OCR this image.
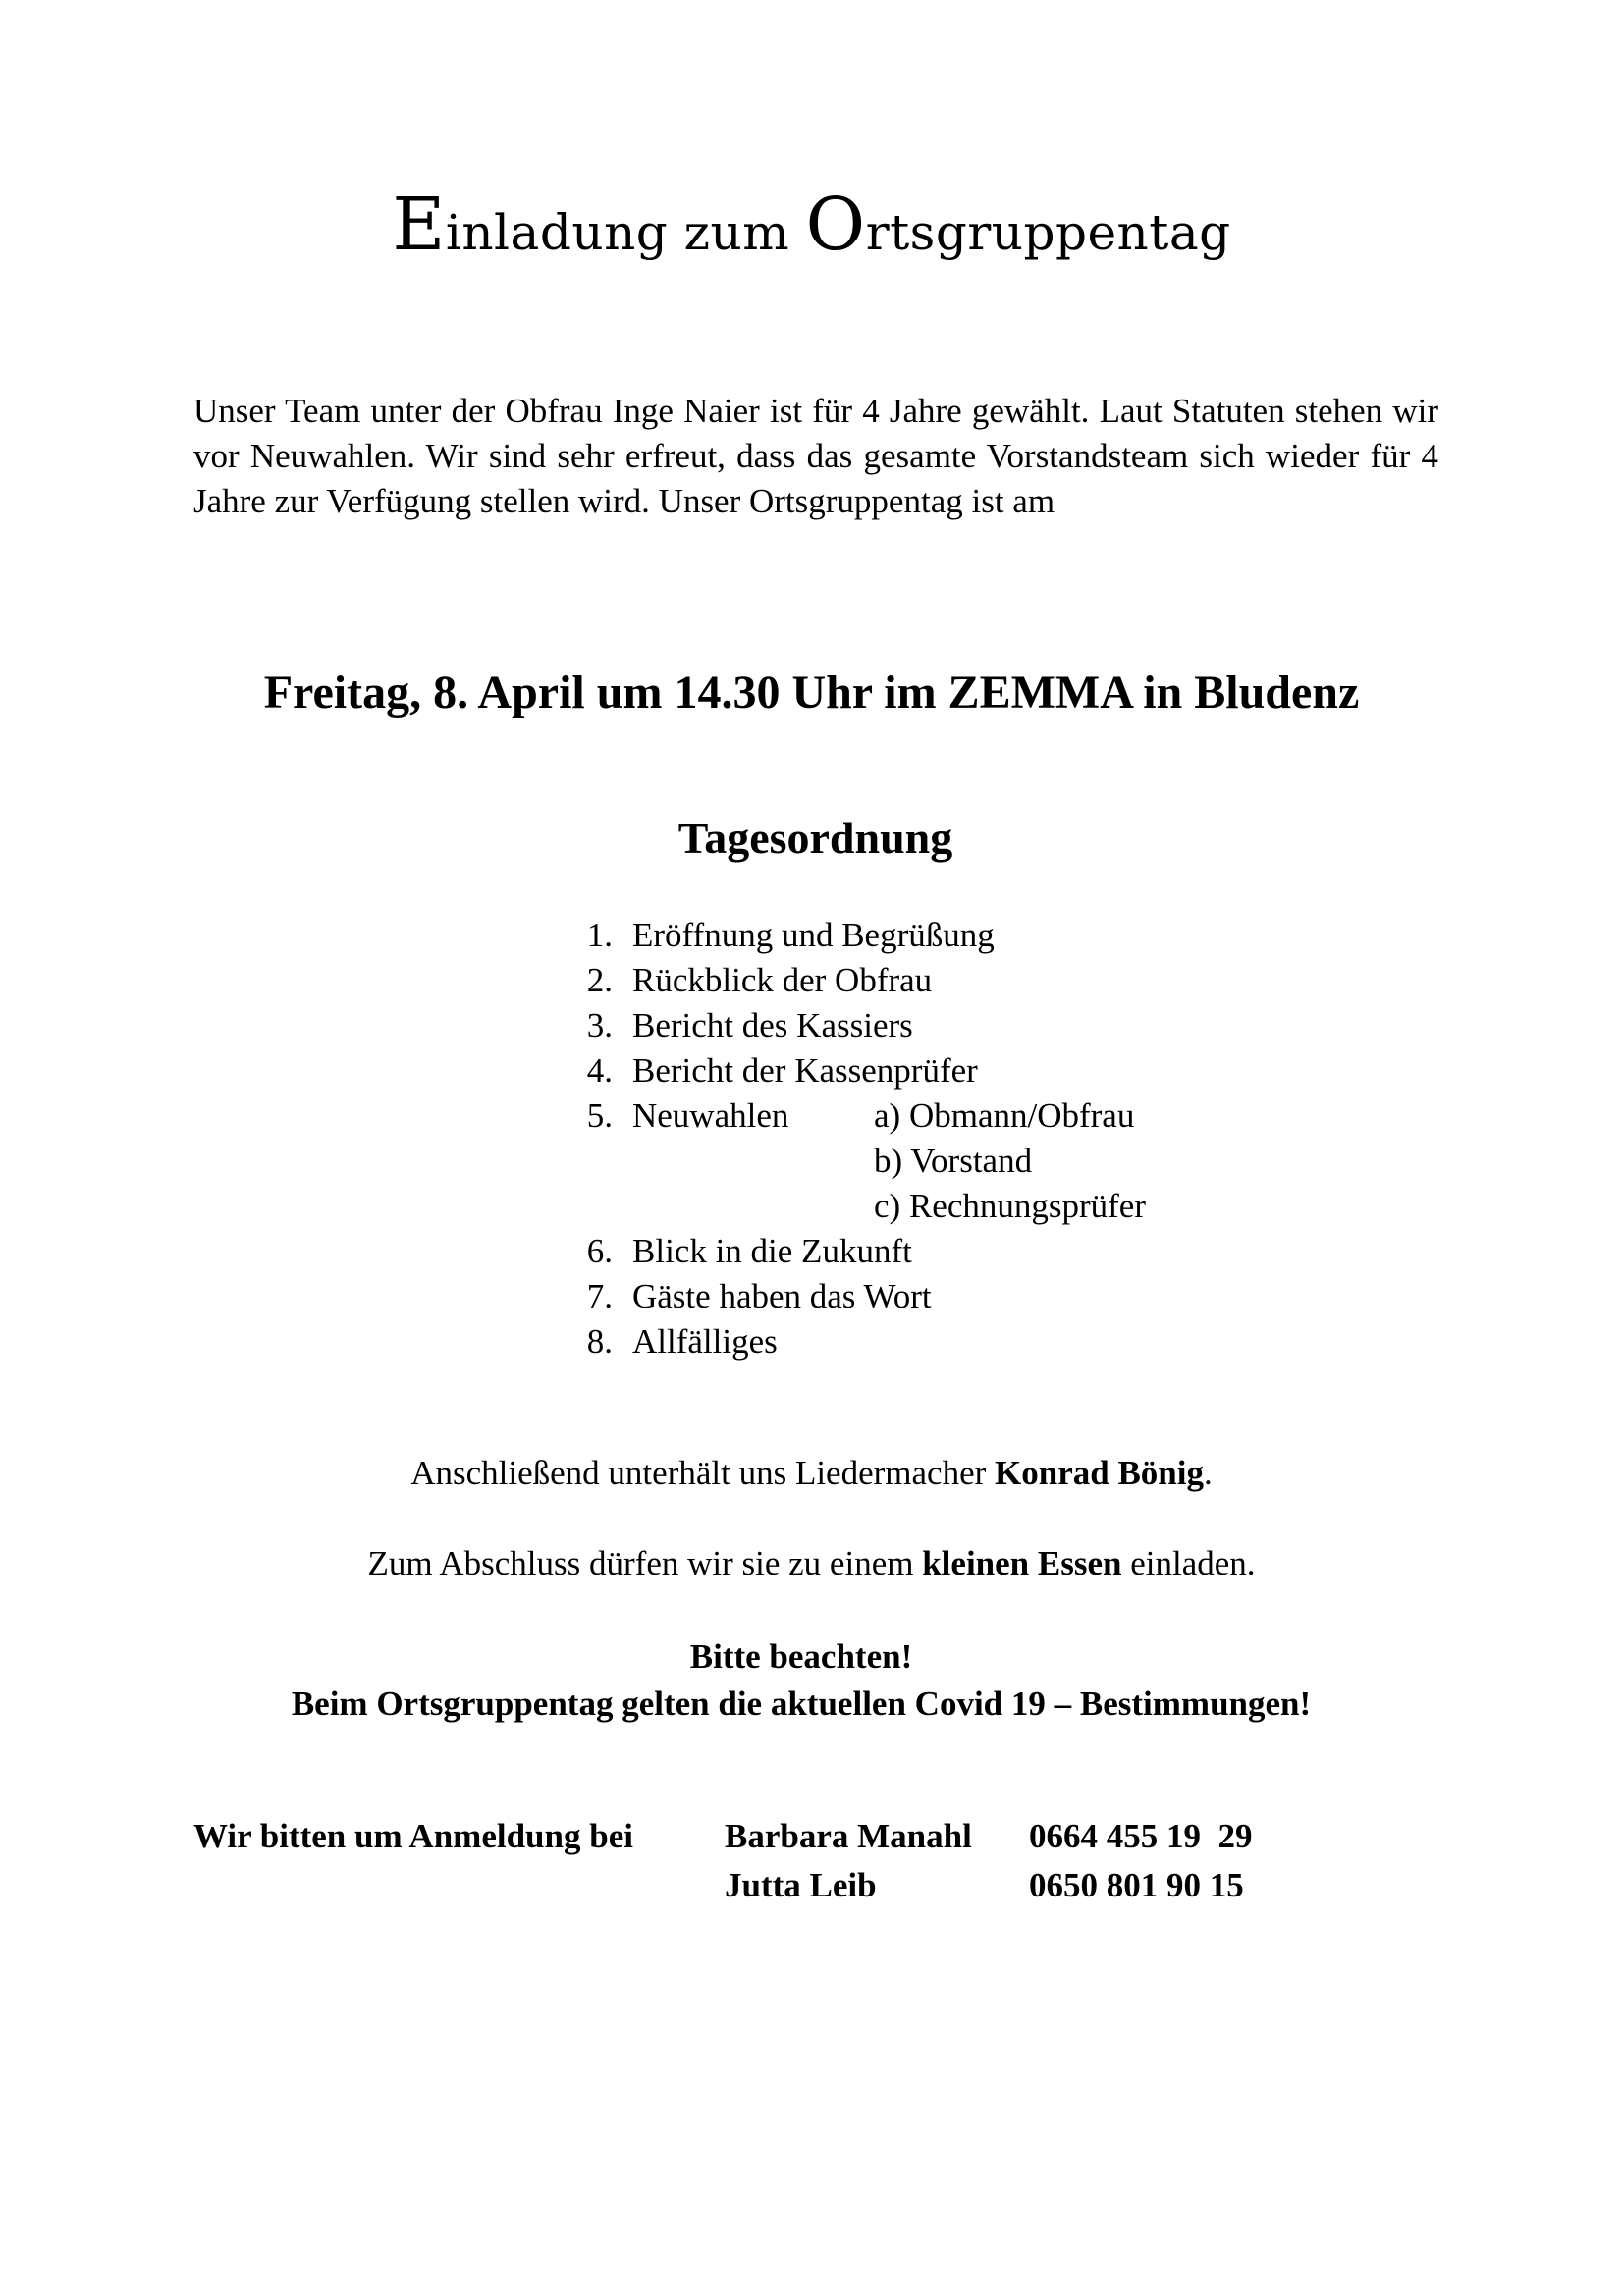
Einladung zum Ortsgruppentag

Unser Team unter der Obfrau Inge Naier ist für 4 Jahre gewählt. Laut Statuten stehen wir vor Neuwahlen. Wir sind sehr erfreut, dass das gesamte Vorstandsteam sich wieder für 4 Jahre zur Verfügung stellen wird. Unser Ortsgruppentag ist am

Freitag, 8. April um 14.30 Uhr im ZEMMA in Bludenz

Tagesordnung
1. Eröffnung und Begrüßung
2. Rückblick der Obfrau
3. Bericht des Kassiers
4. Bericht der Kassenprüfer
5. Neuwahlen a) Obmann/Obfrau
b) Vorstand
c) Rechnungsprüfer
6. Blick in die Zukunft
7. Gäste haben das Wort
8. Allfälliges

Anschließend unterhält uns Liedermacher Konrad Bönig.

Zum Abschluss dürfen wir sie zu einem kleinen Essen einladen.

Bitte beachten!
Beim Ortsgruppentag gelten die aktuellen Covid 19 – Bestimmungen!
Wir bitten um Anmeldung bei	Barbara Manahl 0664 455 19  29
Jutta Leib	0650 801 90 15
